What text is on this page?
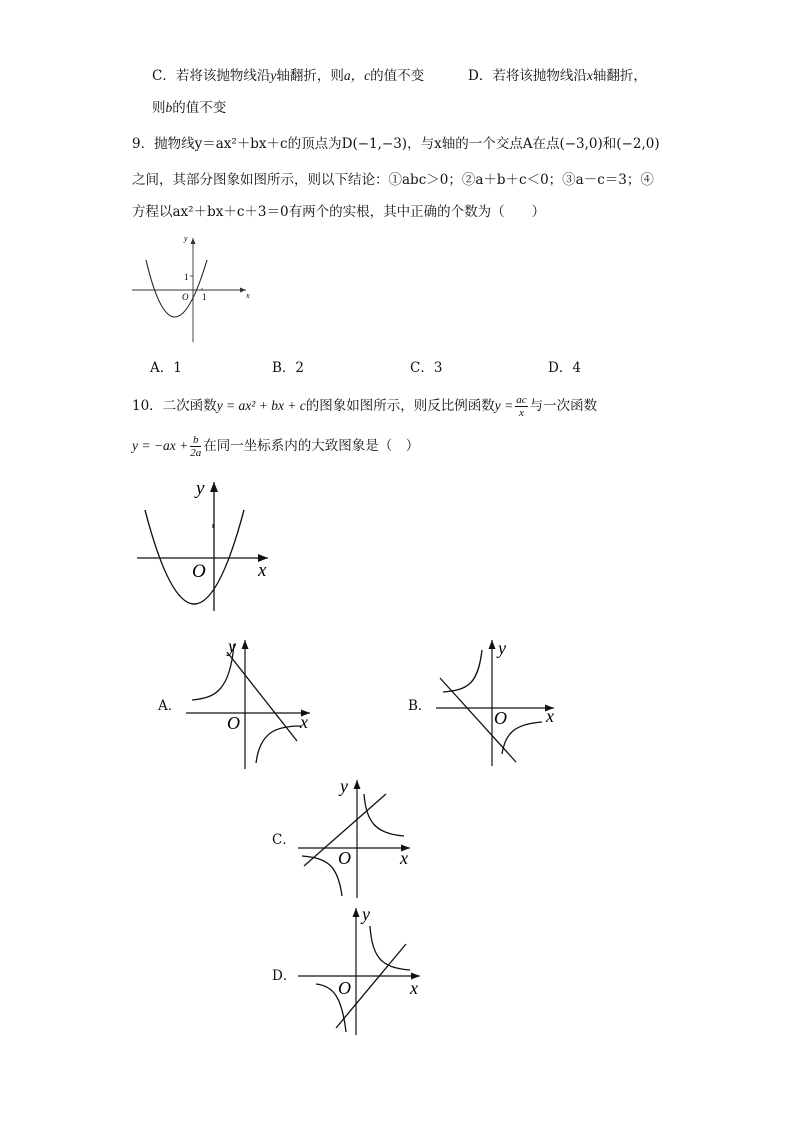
C．若将该抛物线沿y轴翻折，则a，c的值不变	D．若将该抛物线沿x轴翻折，
则b的值不变
9．抛物线y＝ax²＋bx＋c的顶点为D(−1,−3)，与x轴的一个交点A在点(−3,0)和(−2,0)
之间，其部分图象如图所示，则以下结论：①abc＞0；②a＋b＋c＜0；③a－c＝3；④
方程以ax²＋bx＋c＋3＝0有两个的实根，其中正确的个数为（　　）
y
x
O 1
1
A．1	B．2	C．3	D．4
10．二次函数y = ax² + bx + c的图象如图所示，则反比例函数$y = \frac{ac}{x}$ 与一次函数
$y = -ax + \frac{b}{2a}$ 在同一坐标系内的大致图象是（　）
y
x
O
A．
y
x
O
B．
y
x
O
C．
y
x
O
D．
y
x
O
